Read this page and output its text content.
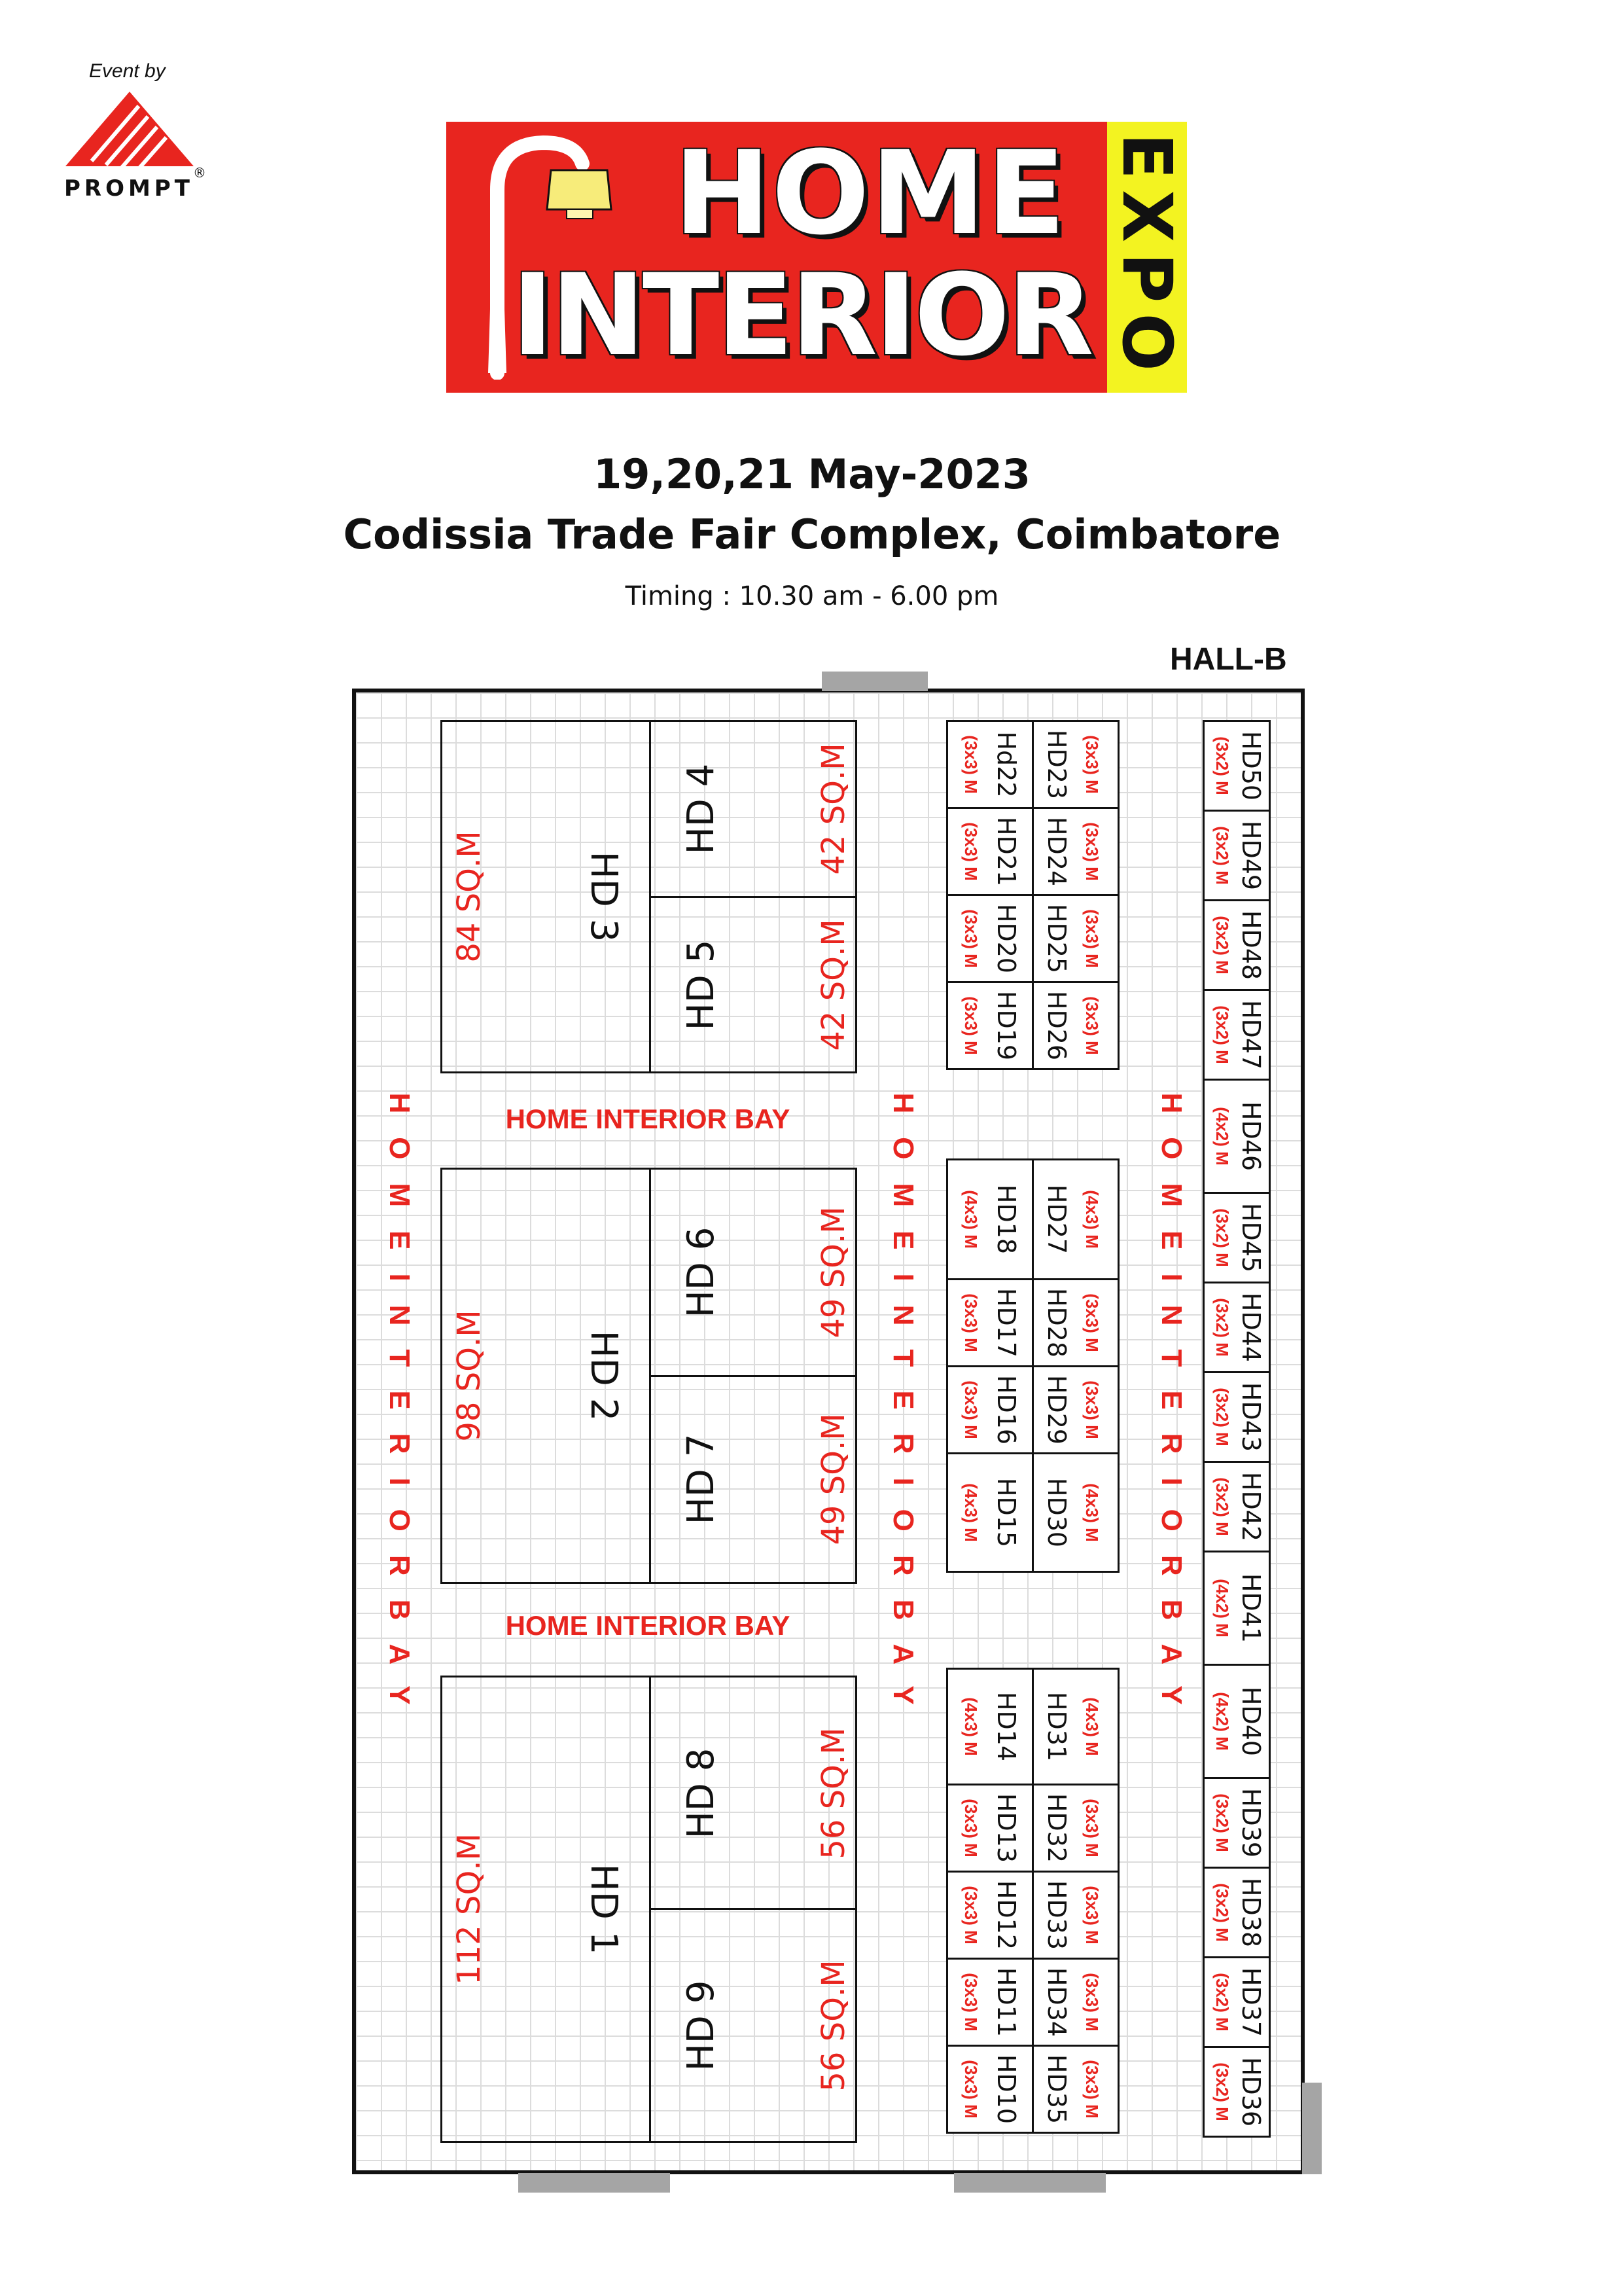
Event by
PROMPT
®	EXPO
HOME
INTERIOR
19,20,21 May-2023
Codissia Trade Fair Complex, Coimbatore
Timing : 10.30 am - 6.00 pm
HALL-B
HOMEINTERIORBAY	HOMEINTERIORBAY	HOMEINTERIORBAY
HOME INTERIOR BAY
HOME INTERIOR BAY
HD 3
84 SQ.M
HD 4	42 SQ.M
HD 5	42 SQ.M
HD 2
98 SQ.M
HD 6	49 SQ.M
HD 7	49 SQ.M
HD 1
112 SQ.M
HD 8	56 SQ.M
HD 9	56 SQ.M
Hd22
(3x3) M
HD21
(3x3) M
HD20
(3x3) M
HD19
(3x3) M
HD23 (3x3) M
HD24 (3x3) M
HD25 (3x3) M
HD26 (3x3) M
HD18
(4x3) M
HD17
(3x3) M
HD16
(3x3) M
HD15
(4x3) M
HD27 (4x3) M
HD28 (3x3) M
HD29 (3x3) M
HD30 (4x3) M
HD14
(4x3) M
HD13
(3x3) M
HD12
(3x3) M
HD11
(3x3) M
HD10
(3x3) M
HD31 (4x3) M
HD32 (3x3) M
HD33 (3x3) M
HD34 (3x3) M
HD35 (3x3) M
HD50
(3x2) M
HD49
(3x2) M
HD48
(3x2) M
HD47
(3x2) M
HD46
(4x2) M
HD45
(3x2) M
HD44
(3x2) M
HD43
(3x2) M
HD42
(3x2) M
HD41
(4x2) M
HD40
(4x2) M
HD39
(3x2) M
HD38
(3x2) M
HD37
(3x2) M
HD36
(3x2) M
